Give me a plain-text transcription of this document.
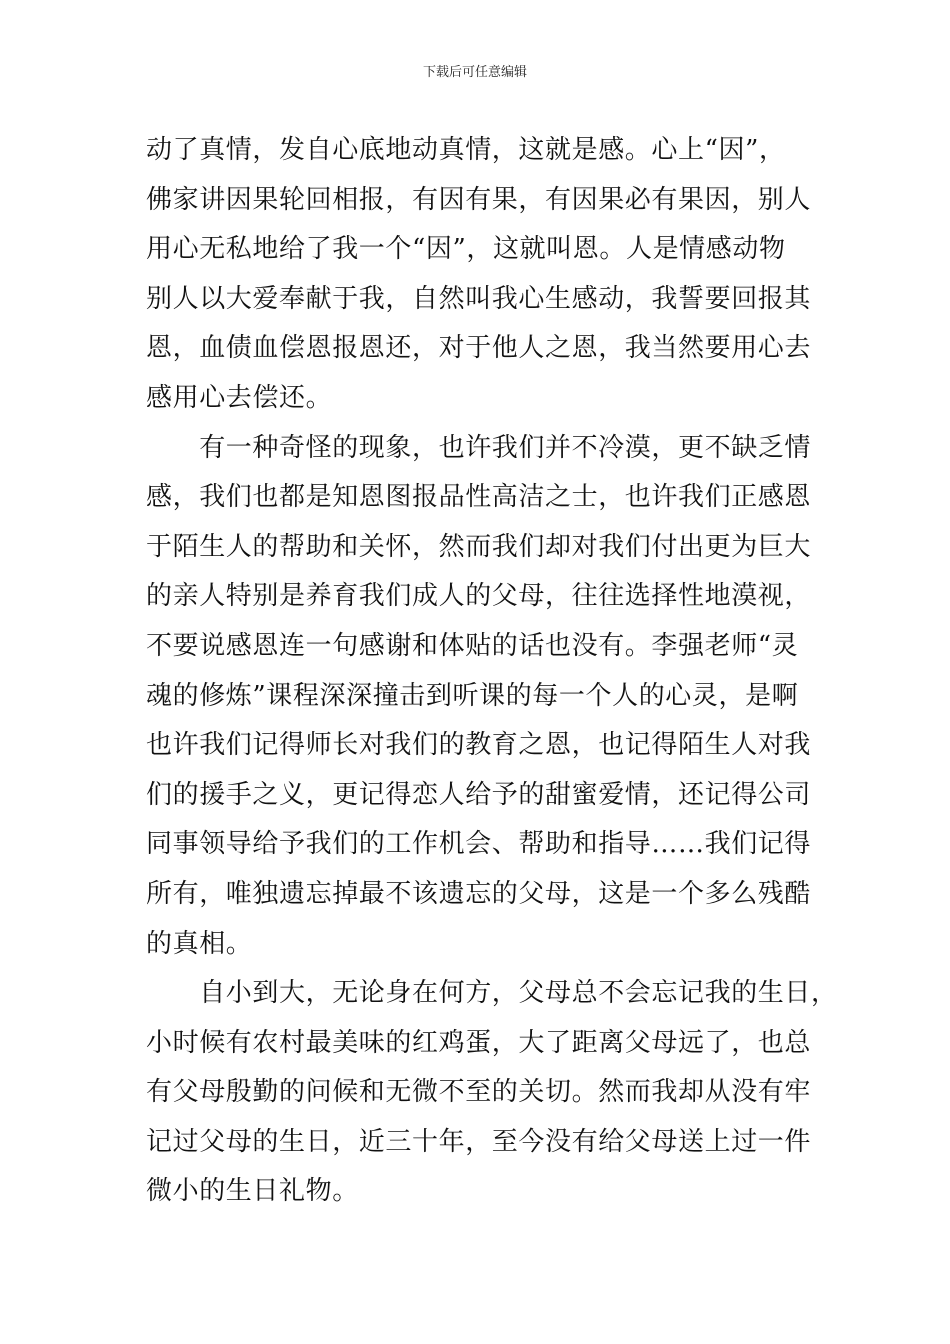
下载后可任意编辑
动了真情，发自心底地动真情，这就是感。心上“因”，
佛家讲因果轮回相报，有因有果，有因果必有果因，别人
用心无私地给了我一个“因”，这就叫恩。人是情感动物
别人以大爱奉献于我，自然叫我心生感动，我誓要回报其
恩，血债血偿恩报恩还，对于他人之恩，我当然要用心去
感用心去偿还。
　　有一种奇怪的现象，也许我们并不冷漠，更不缺乏情
感，我们也都是知恩图报品性高洁之士，也许我们正感恩
于陌生人的帮助和关怀，然而我们却对我们付出更为巨大
的亲人特别是养育我们成人的父母，往往选择性地漠视，
不要说感恩连一句感谢和体贴的话也没有。李强老师“灵
魂的修炼”课程深深撞击到听课的每一个人的心灵，是啊
也许我们记得师长对我们的教育之恩，也记得陌生人对我
们的援手之义，更记得恋人给予的甜蜜爱情，还记得公司
同事领导给予我们的工作机会、帮助和指导……我们记得
所有，唯独遗忘掉最不该遗忘的父母，这是一个多么残酷
的真相。
　　自小到大，无论身在何方，父母总不会忘记我的生日，
小时候有农村最美味的红鸡蛋，大了距离父母远了，也总
有父母殷勤的问候和无微不至的关切。然而我却从没有牢
记过父母的生日，近三十年，至今没有给父母送上过一件
微小的生日礼物。
